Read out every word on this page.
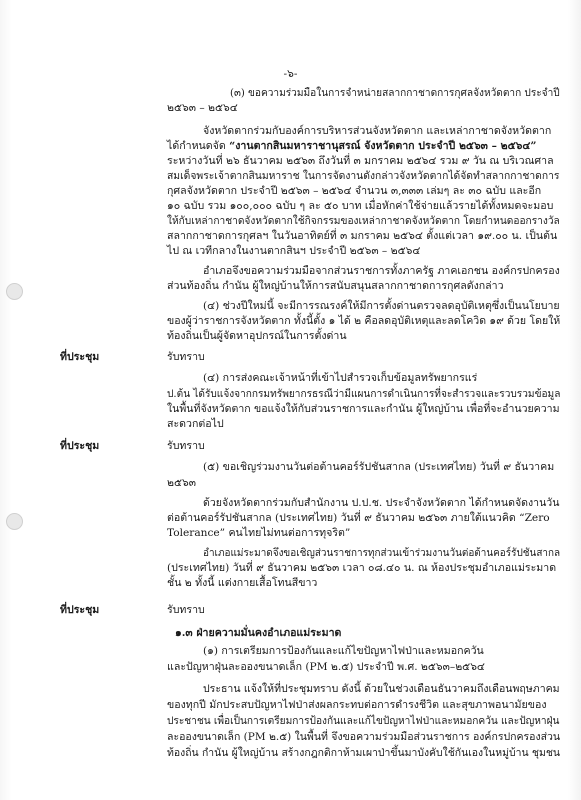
-๖-
(๓) ขอความร่วมมือในการจำหน่ายสลากกาชาดการกุศลจังหวัดตาก ประจำปี
๒๕๖๓ – ๒๕๖๔
จังหวัดตากร่วมกับองค์การบริหารส่วนจังหวัดตาก และเหล่ากาชาดจังหวัดตาก
ได้กำหนดจัด “งานตากสินมหาราชานุสรณ์ จังหวัดตาก ประจำปี ๒๕๖๓ – ๒๕๖๔”
ระหว่างวันที่ ๒๖ ธันวาคม ๒๕๖๓ ถึงวันที่ ๓ มกราคม ๒๕๖๔ รวม ๙ วัน ณ บริเวณศาล
สมเด็จพระเจ้าตากสินมหาราช ในการจัดงานดังกล่าวจังหวัดตากได้จัดทำสลากกาชาดการ
กุศลจังหวัดตาก ประจำปี ๒๕๖๓ – ๒๕๖๔ จำนวน ๓,๓๓๓ เล่มๆ ละ ๓๐ ฉบับ และอีก
๑๐ ฉบับ รวม ๑๐๐,๐๐๐ ฉบับ ๆ ละ ๕๐ บาท เมื่อหักค่าใช้จ่ายแล้วรายได้ทั้งหมดจะมอบ
ให้กับเหล่ากาชาดจังหวัดตากใช้กิจกรรมของเหล่ากาชาดจังหวัดตาก โดยกำหนดออกรางวัล
สลากกาชาดการกุศลฯ ในวันอาทิตย์ที่ ๓ มกราคม ๒๕๖๔ ตั้งแต่เวลา ๑๙.๐๐ น. เป็นต้น
ไป ณ เวทีกลางในงานตากสินฯ ประจำปี ๒๕๖๓ – ๒๕๖๔
อำเภอจึงขอความร่วมมือจากส่วนราชการทั้งภาครัฐ ภาคเอกชน องค์กรปกครอง
ส่วนท้องถิ่น กำนัน ผู้ใหญ่บ้านให้การสนับสนุนสลากกาชาดการกุศลดังกล่าว
(๔) ช่วงปีใหม่นี้ จะมีการรณรงค์ให้มีการตั้งด่านตรวจลดอุบัติเหตุซึ่งเป็นนโยบาย
ของผู้ว่าราชการจังหวัดตาก ทั้งนี้ตั้ง ๑ ได้ ๒ คือลดอุบัติเหตุและลดโควิด ๑๙ ด้วย โดยให้
ท้องถิ่นเป็นผู้จัดหาอุปกรณ์ในการตั้งด่าน
ที่ประชุม	รับทราบ
(๔) การส่งคณะเจ้าหน้าที่เข้าไปสำรวจเก็บข้อมูลทรัพยากรแร่
ป.ต้น ได้รับแจ้งจากกรมทรัพยากรธรณีว่ามีแผนการดำเนินการที่จะสำรวจและรวบรวมข้อมูล
ในพื้นที่จังหวัดตาก ขอแจ้งให้กับส่วนราชการและกำนัน ผู้ใหญ่บ้าน เพื่อที่จะอำนวยความ
สะดวกต่อไป
ที่ประชุม	รับทราบ
(๕) ขอเชิญร่วมงานวันต่อต้านคอร์รัปชันสากล (ประเทศไทย) วันที่ ๙ ธันวาคม
๒๕๖๓
ด้วยจังหวัดตากร่วมกับสำนักงาน ป.ป.ช. ประจำจังหวัดตาก ได้กำหนดจัดงานวัน
ต่อต้านคอร์รัปชันสากล (ประเทศไทย) วันที่ ๙ ธันวาคม ๒๕๖๓ ภายใต้แนวคิด “Zero
Tolerance” คนไทยไม่ทนต่อการทุจริต”
อำเภอแม่ระมาดจึงขอเชิญส่วนราชการทุกส่วนเข้าร่วมงานวันต่อต้านคอร์รัปชันสากล
(ประเทศไทย) วันที่ ๙ ธันวาคม ๒๕๖๓ เวลา ๐๘.๔๐ น. ณ ห้องประชุมอำเภอแม่ระมาด
ชั้น ๒ ทั้งนี้ แต่งกายเสื้อโทนสีขาว
ที่ประชุม	รับทราบ
๑.๓ ฝ่ายความมั่นคงอำเภอแม่ระมาด
(๑) การเตรียมการป้องกันและแก้ไขปัญหาไฟป่าและหมอกควัน
และปัญหาฝุ่นละอองขนาดเล็ก (PM ๒.๕) ประจำปี พ.ศ. ๒๕๖๓–๒๕๖๔
ประธาน แจ้งให้ที่ประชุมทราบ ดังนี้ ด้วยในช่วงเดือนธันวาคมถึงเดือนพฤษภาคม
ของทุกปี มักประสบปัญหาไฟป่าส่งผลกระทบต่อการดำรงชีวิต และสุขภาพอนามัยของ
ประชาชน เพื่อเป็นการเตรียมการป้องกันและแก้ไขปัญหาไฟป่าและหมอกควัน และปัญหาฝุ่น
ละอองขนาดเล็ก (PM ๒.๕) ในพื้นที่ จึงขอความร่วมมือส่วนราชการ องค์กรปกครองส่วน
ท้องถิ่น กำนัน ผู้ใหญ่บ้าน สร้างกฎกติกาห้ามเผาป่าขึ้นมาบังคับใช้กันเองในหมู่บ้าน ชุมชน
